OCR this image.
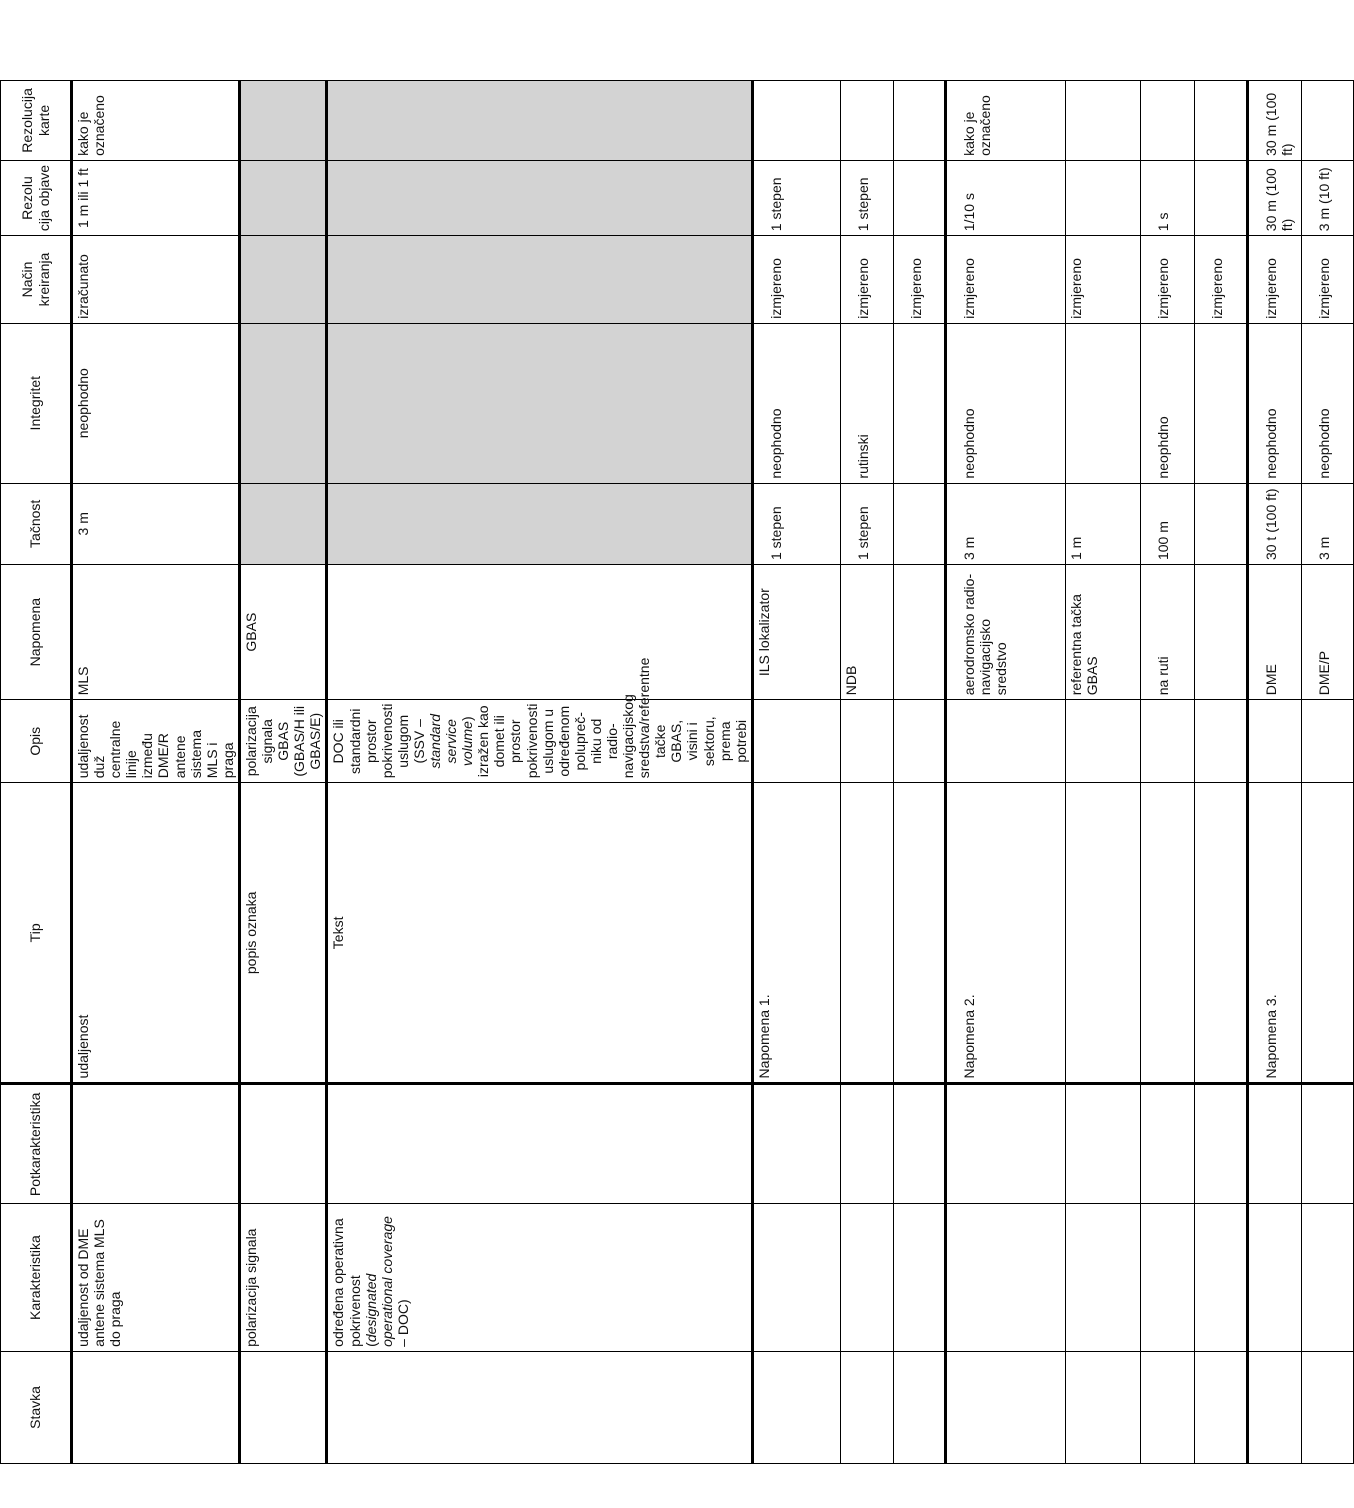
Stavka	Karakteristika	Potkarakteristika	Tip	Opis	Napomena	Tačnost	Integritet	Način kreiranja	Rezolu cija objave	Rezolucija karte
	udaljenost od DME antene sistema MLS do praga		udaljenost	udaljenost duž centralne linije između DME/R antene sistema MLS i praga	MLS	3 m	neophodno	izračunato	1 m ili 1 ft	kako je označeno
	polarizacija signala		popis oznaka	polarizacija signala GBAS (GBAS/H ili GBAS/E)	GBAS					
	određena operativna pokrivenost (designated operational coverage – DOC)		Tekst	DOC ili standardni prostor pokrivenosti uslugom (SSV – standard service volume) izražen kao domet ili prostor pokrivenosti uslugom u određenom poluprečniku od radio-navigacijskog sredstva/referentne tačke GBAS, visini i sektoru, prema potrebi						
			Napomena 1.		ILS lokalizator	1 stepen	neophodno	izmjereno	1 stepen	
					NDB	1 stepen	rutinski	izmjereno	1 stepen	
								izmjereno		
			Napomena 2.		aerodromsko radio-navigacijsko sredstvo	3 m	neophodno	izmjereno	1/10 s	kako je označeno
					referentna tačka GBAS	1 m		izmjereno		
					na ruti	100 m	neophdno	izmjereno	1 s	
								izmjereno		
			Napomena 3.		DME	30 t (100 ft)	neophodno	izmjereno	30 m (100 ft)	30 m (100 ft)
					DME/P	3 m	neophodno	izmjereno	3 m (10 ft)	
